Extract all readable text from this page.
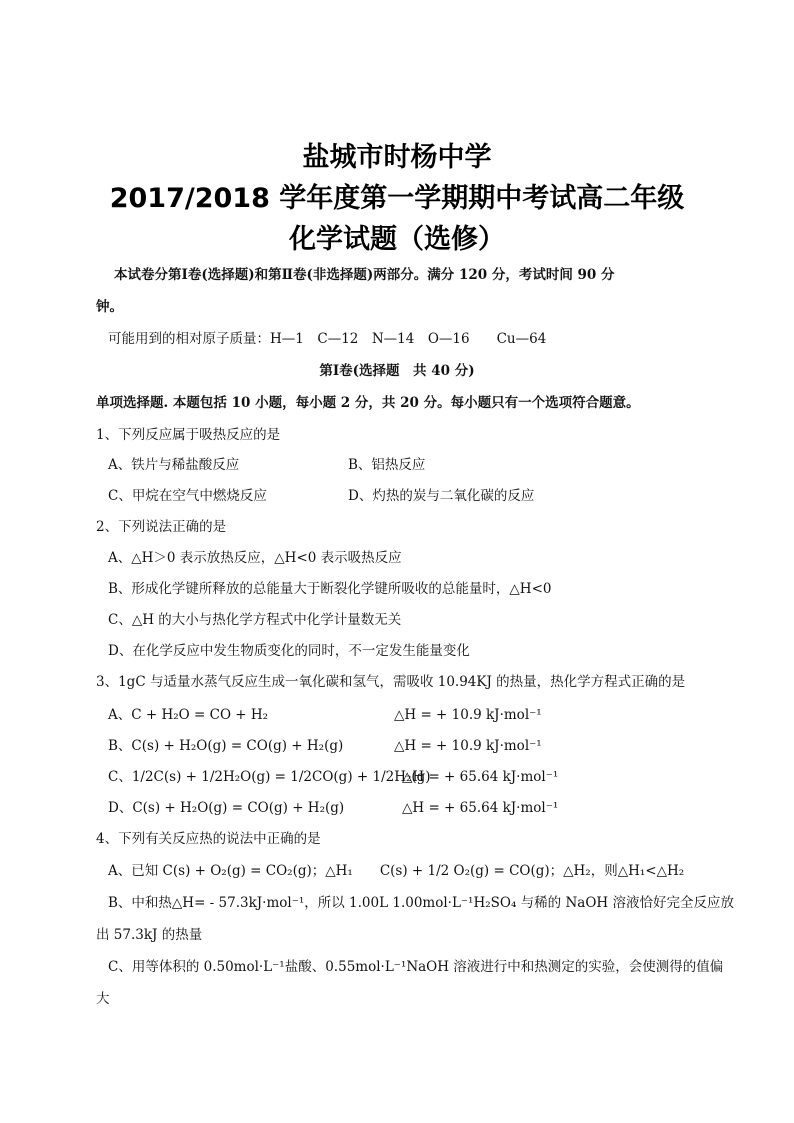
盐城市时杨中学
2017/2018 学年度第一学期期中考试高二年级
化学试题（选修）
本试卷分第Ⅰ卷(选择题)和第Ⅱ卷(非选择题)两部分。满分 120 分，考试时间 90 分
钟。
可能用到的相对原子质量：H—1　C—12　N—14　O—16　　Cu—64
第Ⅰ卷(选择题　共 40 分)
单项选择题. 本题包括 10 小题，每小题 2 分，共 20 分。每小题只有一个选项符合题意。
1、下列反应属于吸热反应的是
A、铁片与稀盐酸反应	B、铝热反应
C、甲烷在空气中燃烧反应	D、灼热的炭与二氧化碳的反应
2、下列说法正确的是
A、△H＞0 表示放热反应，△H<0 表示吸热反应
B、形成化学键所释放的总能量大于断裂化学键所吸收的总能量时，△H<0
C、△H 的大小与热化学方程式中化学计量数无关
D、在化学反应中发生物质变化的同时，不一定发生能量变化
3、1gC 与适量水蒸气反应生成一氧化碳和氢气，需吸收 10.94KJ 的热量，热化学方程式正确的是
A、C + H₂O = CO + H₂	△H = + 10.9 kJ·mol⁻¹
B、C(s) + H₂O(g) = CO(g) + H₂(g)	△H = + 10.9 kJ·mol⁻¹
C、1/2C(s) + 1/2H₂O(g) = 1/2CO(g) + 1/2H₂(g)
△H = + 65.64 kJ·mol⁻¹
D、C(s) + H₂O(g) = CO(g) + H₂(g)	△H = + 65.64 kJ·mol⁻¹
4、下列有关反应热的说法中正确的是
A、已知 C(s) + O₂(g) = CO₂(g)；△H₁　　C(s) + 1/2 O₂(g) = CO(g)；△H₂，则△H₁<△H₂
B、中和热△H= - 57.3kJ·mol⁻¹，所以 1.00L 1.00mol·L⁻¹H₂SO₄ 与稀的 NaOH 溶液恰好完全反应放
出 57.3kJ 的热量
C、用等体积的 0.50mol·L⁻¹盐酸、0.55mol·L⁻¹NaOH 溶液进行中和热测定的实验，会使测得的值偏
大
